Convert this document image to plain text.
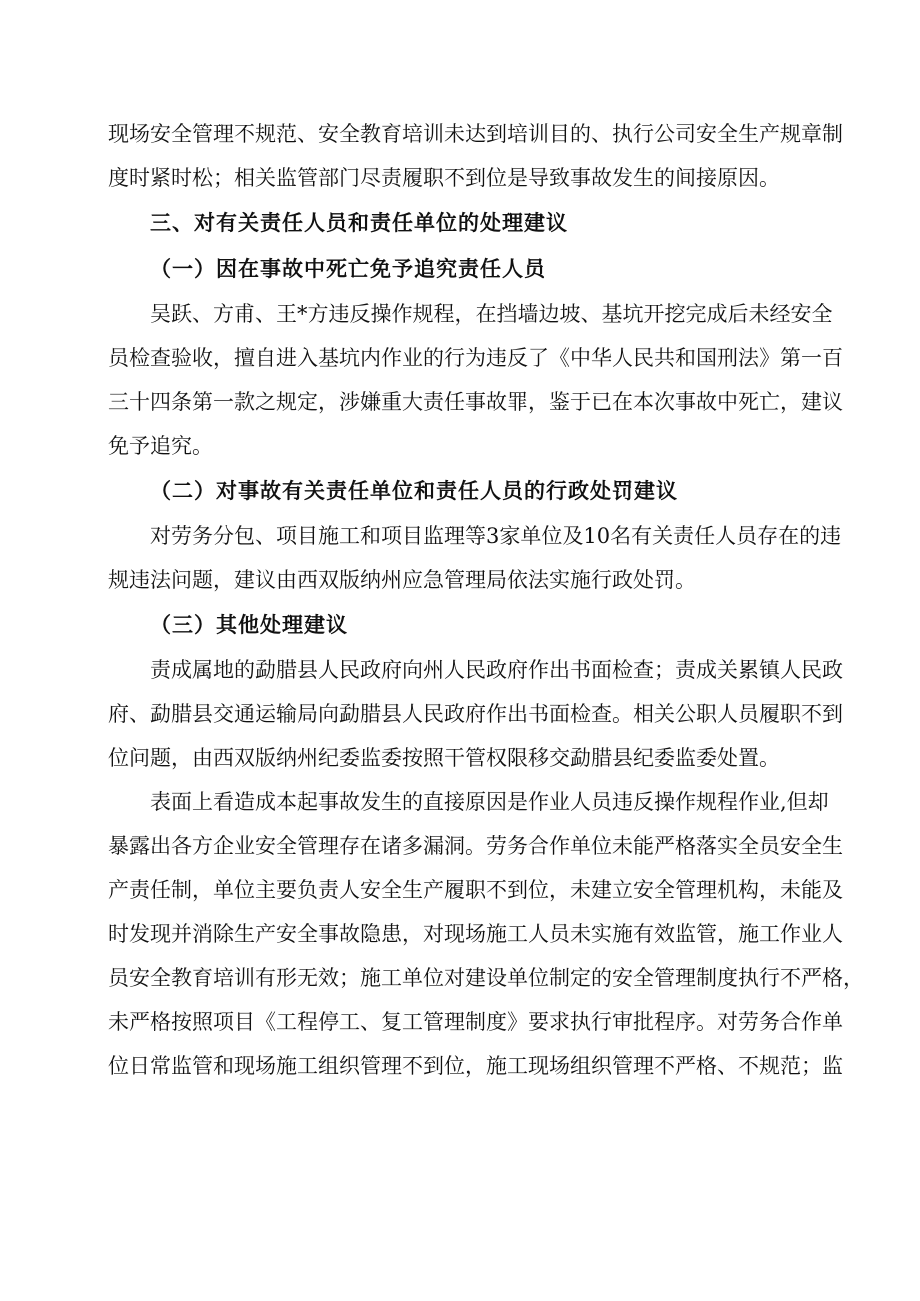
现场安全管理不规范、安全教育培训未达到培训目的、执行公司安全生产规章制

度时紧时松；相关监管部门尽责履职不到位是导致事故发生的间接原因。

三、对有关责任人员和责任单位的处理建议
（一）因在事故中死亡免予追究责任人员

吴跃、方甫、王*方违反操作规程，在挡墙边坡、基坑开挖完成后未经安全

员检查验收，擅自进入基坑内作业的行为违反了《中华人民共和国刑法》第一百

三十四条第一款之规定，涉嫌重大责任事故罪，鉴于已在本次事故中死亡，建议

免予追究。

（二）对事故有关责任单位和责任人员的行政处罚建议

对劳务分包、项目施工和项目监理等3家单位及10名有关责任人员存在的违

规违法问题，建议由西双版纳州应急管理局依法实施行政处罚。

（三）其他处理建议

责成属地的勐腊县人民政府向州人民政府作出书面检查；责成关累镇人民政

府、勐腊县交通运输局向勐腊县人民政府作出书面检查。相关公职人员履职不到

位问题，由西双版纳州纪委监委按照干管权限移交勐腊县纪委监委处置。

表面上看造成本起事故发生的直接原因是作业人员违反操作规程作业,但却

暴露出各方企业安全管理存在诸多漏洞。劳务合作单位未能严格落实全员安全生

产责任制，单位主要负责人安全生产履职不到位，未建立安全管理机构，未能及

时发现并消除生产安全事故隐患，对现场施工人员未实施有效监管，施工作业人

员安全教育培训有形无效；施工单位对建设单位制定的安全管理制度执行不严格，

未严格按照项目《工程停工、复工管理制度》要求执行审批程序。对劳务合作单

位日常监管和现场施工组织管理不到位，施工现场组织管理不严格、不规范；监
